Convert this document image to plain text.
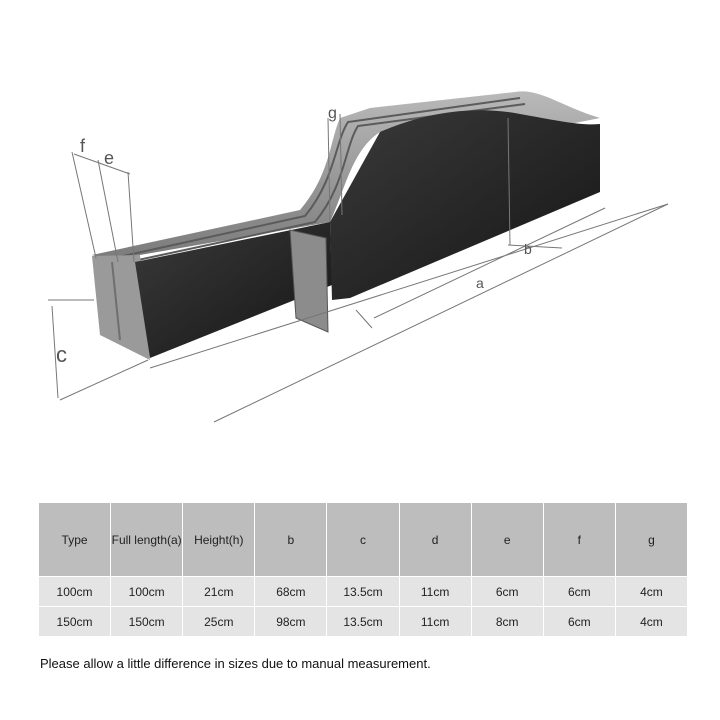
a
b
c
f
e
g
Type	Full length(a)	Height(h)	b	c	d	e	f	g
100cm	100cm	21cm	68cm	13.5cm	11cm	6cm	6cm	4cm
150cm	150cm	25cm	98cm	13.5cm	11cm	8cm	6cm	4cm
Please allow a little difference in sizes due to manual measurement.
